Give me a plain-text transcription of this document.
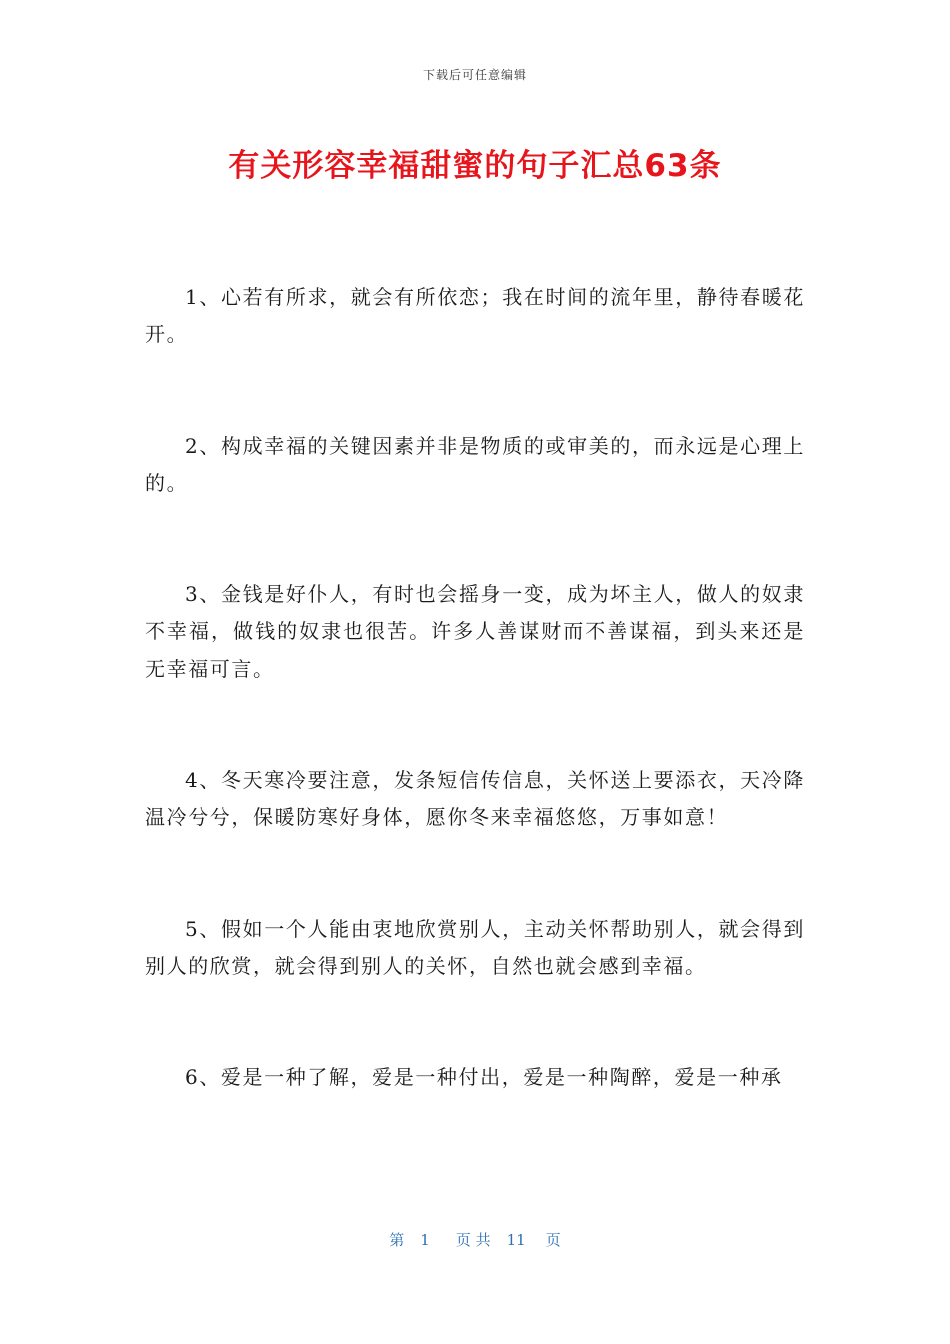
下载后可任意编辑
有关形容幸福甜蜜的句子汇总63条

1、心若有所求，就会有所依恋；我在时间的流年里，静待春暖花开。

2、构成幸福的关键因素并非是物质的或审美的，而永远是心理上的。

3、金钱是好仆人，有时也会摇身一变，成为坏主人，做人的奴隶不幸福，做钱的奴隶也很苦。许多人善谋财而不善谋福，到头来还是无幸福可言。

4、冬天寒冷要注意，发条短信传信息，关怀送上要添衣，天冷降温冷兮兮，保暖防寒好身体，愿你冬来幸福悠悠，万事如意！

5、假如一个人能由衷地欣赏别人，主动关怀帮助别人，就会得到别人的欣赏，就会得到别人的关怀，自然也就会感到幸福。

6、爱是一种了解，爱是一种付出，爱是一种陶醉，爱是一种承

第 1 页 共 11 页
